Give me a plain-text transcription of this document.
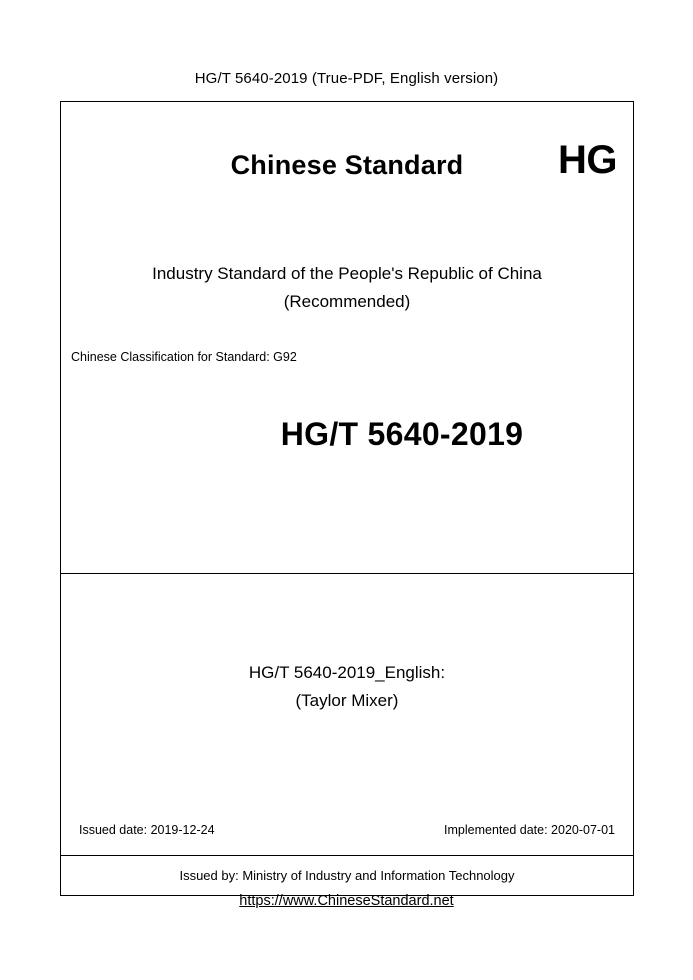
HG/T 5640-2019 (True-PDF, English version)
Chinese Standard	HG
Industry Standard of the People's Republic of China
(Recommended)
Chinese Classification for Standard: G92
HG/T 5640-2019
HG/T 5640-2019_English:
(Taylor Mixer)
Issued date: 2019-12-24	Implemented date: 2020-07-01
Issued by: Ministry of Industry and Information Technology
https://www.ChineseStandard.net
